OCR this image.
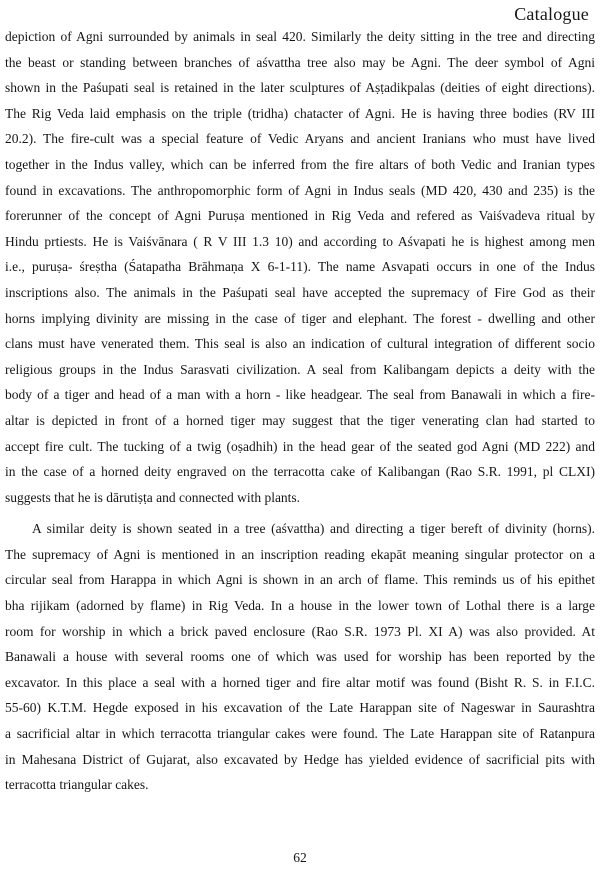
Catalogue
depiction of Agni surrounded by animals in seal 420. Similarly the deity sitting in the tree and directing
the beast or standing between branches of aśvattha tree also may be Agni. The deer symbol of Agni
shown in the Paśupati seal is retained in the later sculptures of Aṣṭadikpalas (deities of eight directions).
The Rig Veda laid emphasis on the triple (tridha) chatacter of Agni. He is having three bodies (RV III
20.2). The fire-cult was a special feature of Vedic Aryans and ancient Iranians who must have lived
together in the Indus valley, which can be inferred from the fire altars of both Vedic and Iranian types
found in excavations. The anthropomorphic form of Agni in Indus seals (MD 420, 430 and 235) is the
forerunner of the concept of Agni Puruṣa mentioned in Rig Veda and refered as Vaiśvadeva ritual by
Hindu prtiests. He is Vaiśvānara ( R V III 1.3 10) and according to Aśvapati he is highest among men
i.e., puruṣa- śreṣtha (Śatapatha Brāhmaṇa X 6-1-11). The name Asvapati occurs in one of the Indus
inscriptions also. The animals in the Paśupati seal have accepted the supremacy of Fire God as their
horns implying divinity are missing in the case of tiger and elephant. The forest - dwelling and other
clans must have venerated them. This seal is also an indication of cultural integration of different socio
religious groups in the Indus Sarasvati civilization. A seal from Kalibangam depicts a deity with the
body of a tiger and head of a man with a horn - like headgear. The seal from Banawali in which a fire-
altar is depicted in front of a horned tiger may suggest that the tiger venerating clan had started to
accept fire cult. The tucking of a twig (oṣadhih) in the head gear of the seated god Agni (MD 222) and
in the case of a horned deity engraved on the terracotta cake of Kalibangan (Rao S.R. 1991, pl CLXI)
suggests that he is dārutiṣṭa and connected with plants.
A similar deity is shown seated in a tree (aśvattha) and directing a tiger bereft of divinity (horns).
The supremacy of Agni is mentioned in an inscription reading ekapāt meaning singular protector on a
circular seal from Harappa in which Agni is shown in an arch of flame. This reminds us of his epithet
bha rijikam (adorned by flame) in Rig Veda. In a house in the lower town of Lothal there is a large
room for worship in which a brick paved enclosure (Rao S.R. 1973 Pl. XI A) was also provided. At
Banawali a house with several rooms one of which was used for worship has been reported by the
excavator. In this place a seal with a horned tiger and fire altar motif was found (Bisht R. S. in F.I.C.
55-60) K.T.M. Hegde exposed in his excavation of the Late Harappan site of Nageswar in Saurashtra
a sacrificial altar in which terracotta triangular cakes were found. The Late Harappan site of Ratanpura
in Mahesana District of Gujarat, also excavated by Hedge has yielded evidence of sacrificial pits with
terracotta triangular cakes.
62
